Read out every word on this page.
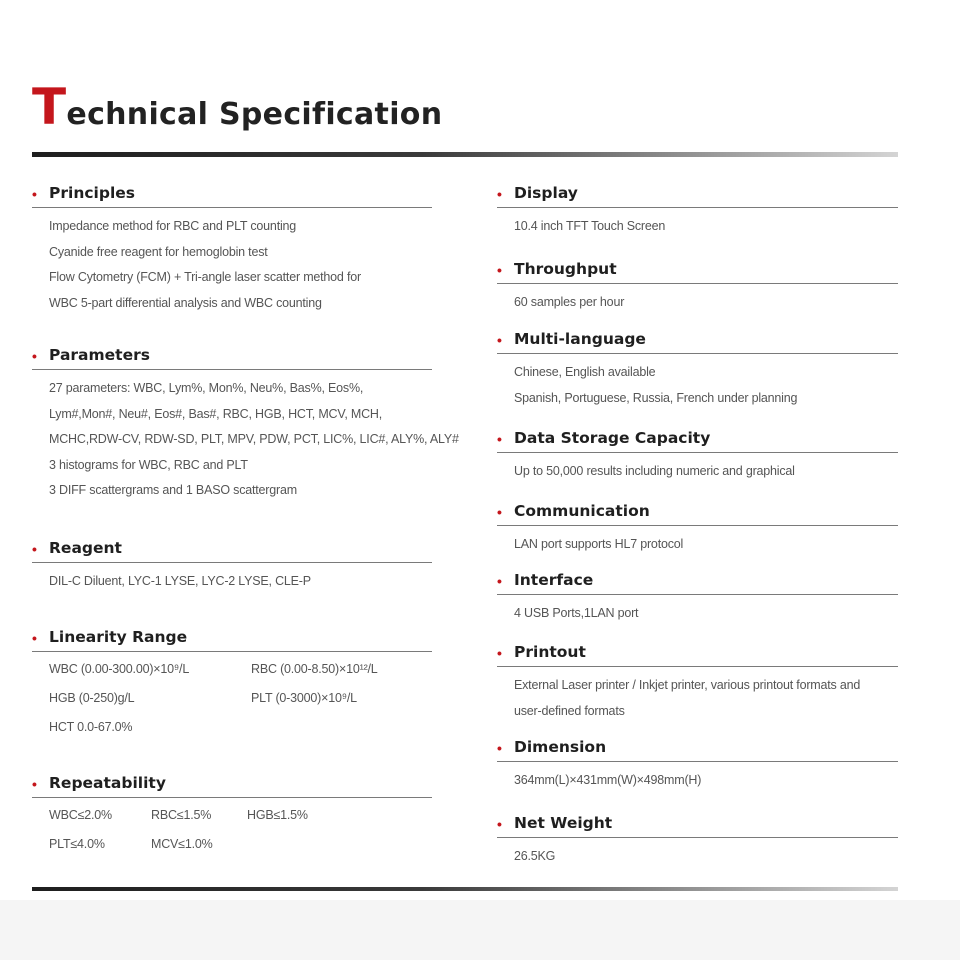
Technical Specification
• Principles
Impedance method for RBC and PLT counting
Cyanide free reagent for hemoglobin test
Flow Cytometry (FCM) + Tri-angle laser scatter method for
WBC 5-part differential analysis and WBC counting
• Parameters
27 parameters: WBC, Lym%, Mon%, Neu%, Bas%, Eos%,
Lym#,Mon#, Neu#, Eos#, Bas#, RBC, HGB, HCT, MCV, MCH,
MCHC,RDW-CV, RDW-SD, PLT, MPV, PDW, PCT, LIC%, LIC#, ALY%, ALY#
3 histograms for WBC, RBC and PLT
3 DIFF scattergrams and 1 BASO scattergram
• Reagent
DIL-C Diluent, LYC-1 LYSE, LYC-2 LYSE, CLE-P
• Linearity Range
WBC (0.00-300.00)×10⁹/L	RBC (0.00-8.50)×10¹²/L
HGB (0-250)g/L	PLT (0-3000)×10⁹/L
HCT 0.0-67.0%
• Repeatability
WBC≤2.0%	RBC≤1.5%	HGB≤1.5%
PLT≤4.0%	MCV≤1.0%
• Display
10.4 inch TFT Touch Screen
• Throughput
60 samples per hour
• Multi-language
Chinese, English available
Spanish, Portuguese, Russia, French under planning
• Data Storage Capacity
Up to 50,000 results including numeric and graphical
• Communication
LAN port supports HL7 protocol
• Interface
4 USB Ports,1LAN port
• Printout
External Laser printer / Inkjet printer, various printout formats and
user-defined formats
• Dimension
364mm(L)×431mm(W)×498mm(H)
• Net Weight
26.5KG
